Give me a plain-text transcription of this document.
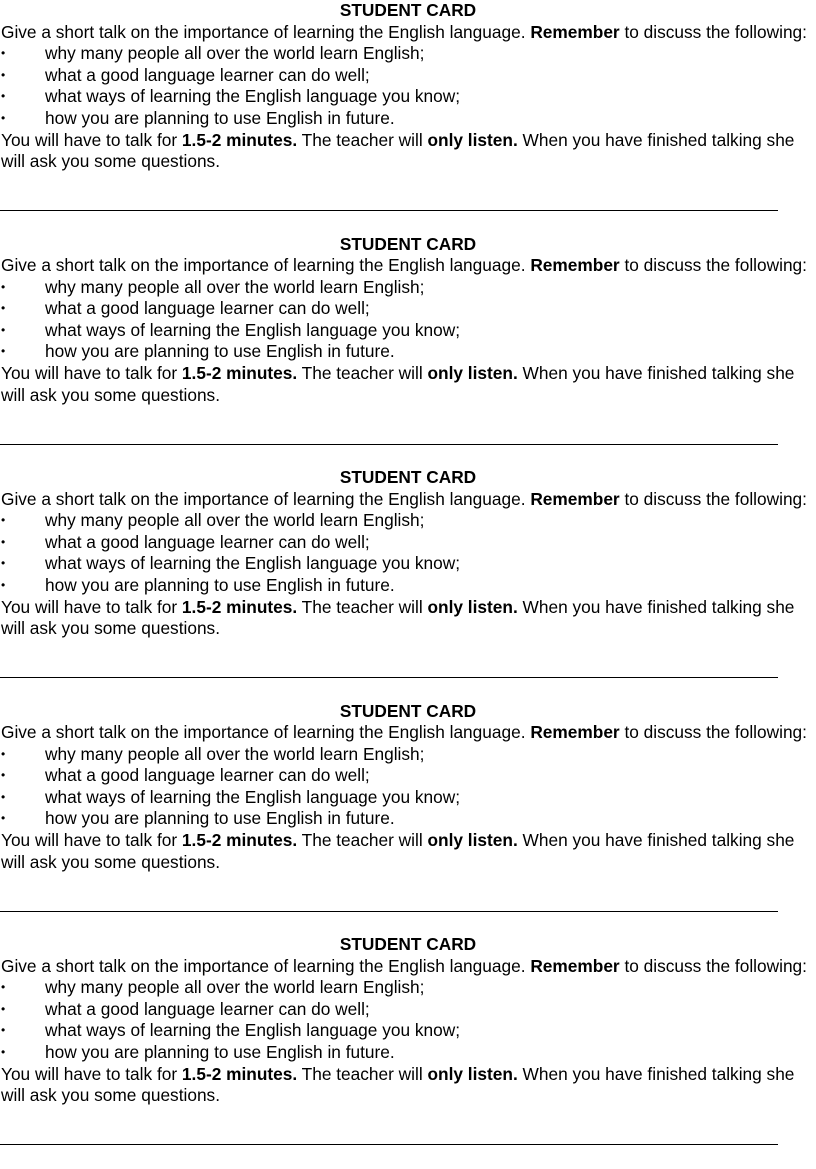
STUDENT CARD

Give a short talk on the importance of learning the English language. Remember to discuss the following:

• why many people all over the world learn English;
• what a good language learner can do well;
• what ways of learning the English language you know;
• how you are planning to use English in future.

You will have to talk for 1.5-2 minutes. The teacher will only listen. When you have finished talking she will ask you some questions.

STUDENT CARD

Give a short talk on the importance of learning the English language. Remember to discuss the following:

• why many people all over the world learn English;
• what a good language learner can do well;
• what ways of learning the English language you know;
• how you are planning to use English in future.

You will have to talk for 1.5-2 minutes. The teacher will only listen. When you have finished talking she will ask you some questions.

STUDENT CARD

Give a short talk on the importance of learning the English language. Remember to discuss the following:

• why many people all over the world learn English;
• what a good language learner can do well;
• what ways of learning the English language you know;
• how you are planning to use English in future.

You will have to talk for 1.5-2 minutes. The teacher will only listen. When you have finished talking she will ask you some questions.

STUDENT CARD

Give a short talk on the importance of learning the English language. Remember to discuss the following:

• why many people all over the world learn English;
• what a good language learner can do well;
• what ways of learning the English language you know;
• how you are planning to use English in future.

You will have to talk for 1.5-2 minutes. The teacher will only listen. When you have finished talking she will ask you some questions.

STUDENT CARD

Give a short talk on the importance of learning the English language. Remember to discuss the following:

• why many people all over the world learn English;
• what a good language learner can do well;
• what ways of learning the English language you know;
• how you are planning to use English in future.

You will have to talk for 1.5-2 minutes. The teacher will only listen. When you have finished talking she will ask you some questions.
